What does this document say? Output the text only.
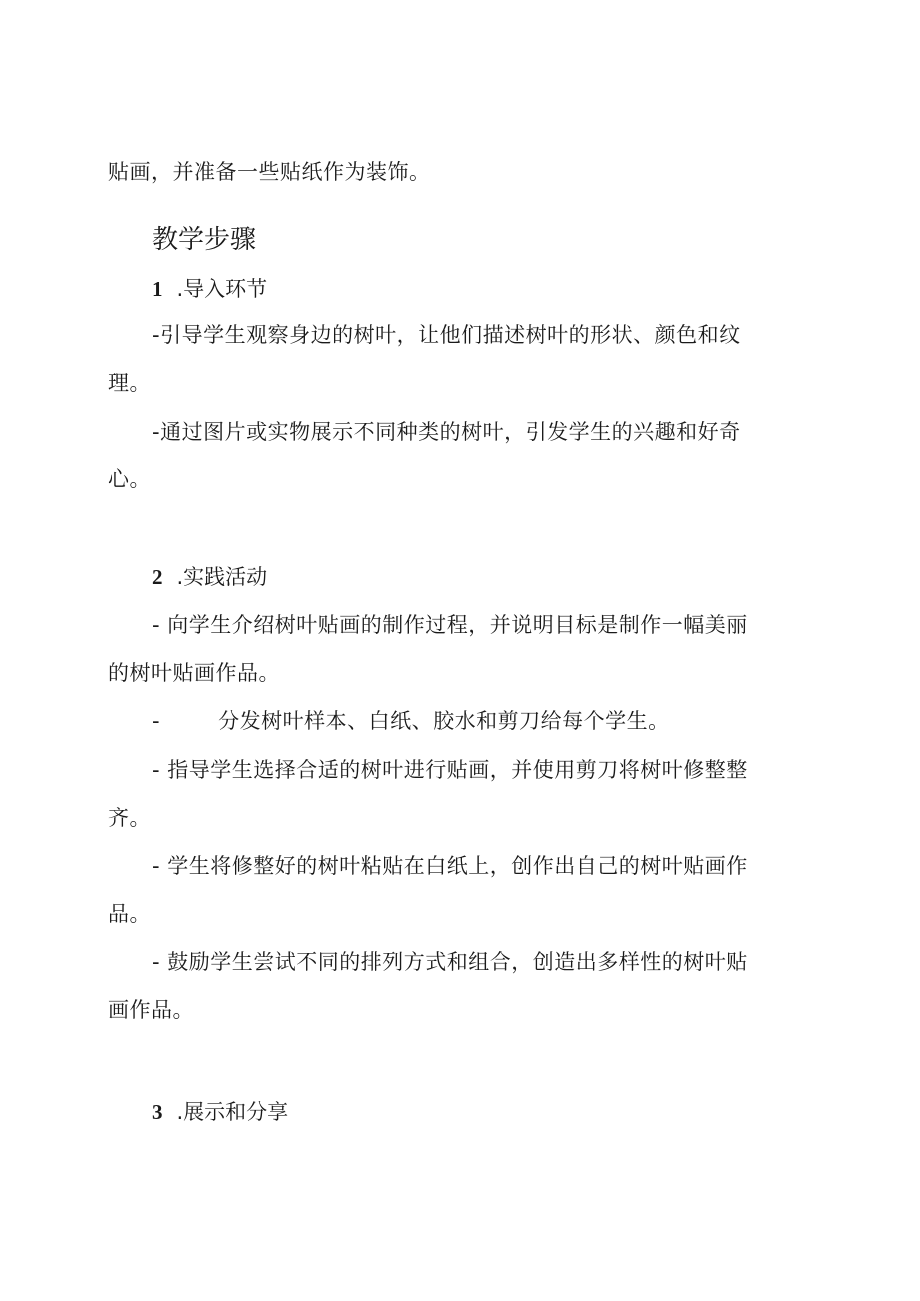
贴画，并准备一些贴纸作为装饰。
教学步骤
1 .导入环节
-引导学生观察身边的树叶，让他们描述树叶的形状、颜色和纹
理。
-通过图片或实物展示不同种类的树叶，引发学生的兴趣和好奇
心。
2 .实践活动
- 向学生介绍树叶贴画的制作过程，并说明目标是制作一幅美丽
的树叶贴画作品。
-	分发树叶样本、白纸、胶水和剪刀给每个学生。
- 指导学生选择合适的树叶进行贴画，并使用剪刀将树叶修整整
齐。
- 学生将修整好的树叶粘贴在白纸上，创作出自己的树叶贴画作
品。
- 鼓励学生尝试不同的排列方式和组合，创造出多样性的树叶贴
画作品。
3 .展示和分享
